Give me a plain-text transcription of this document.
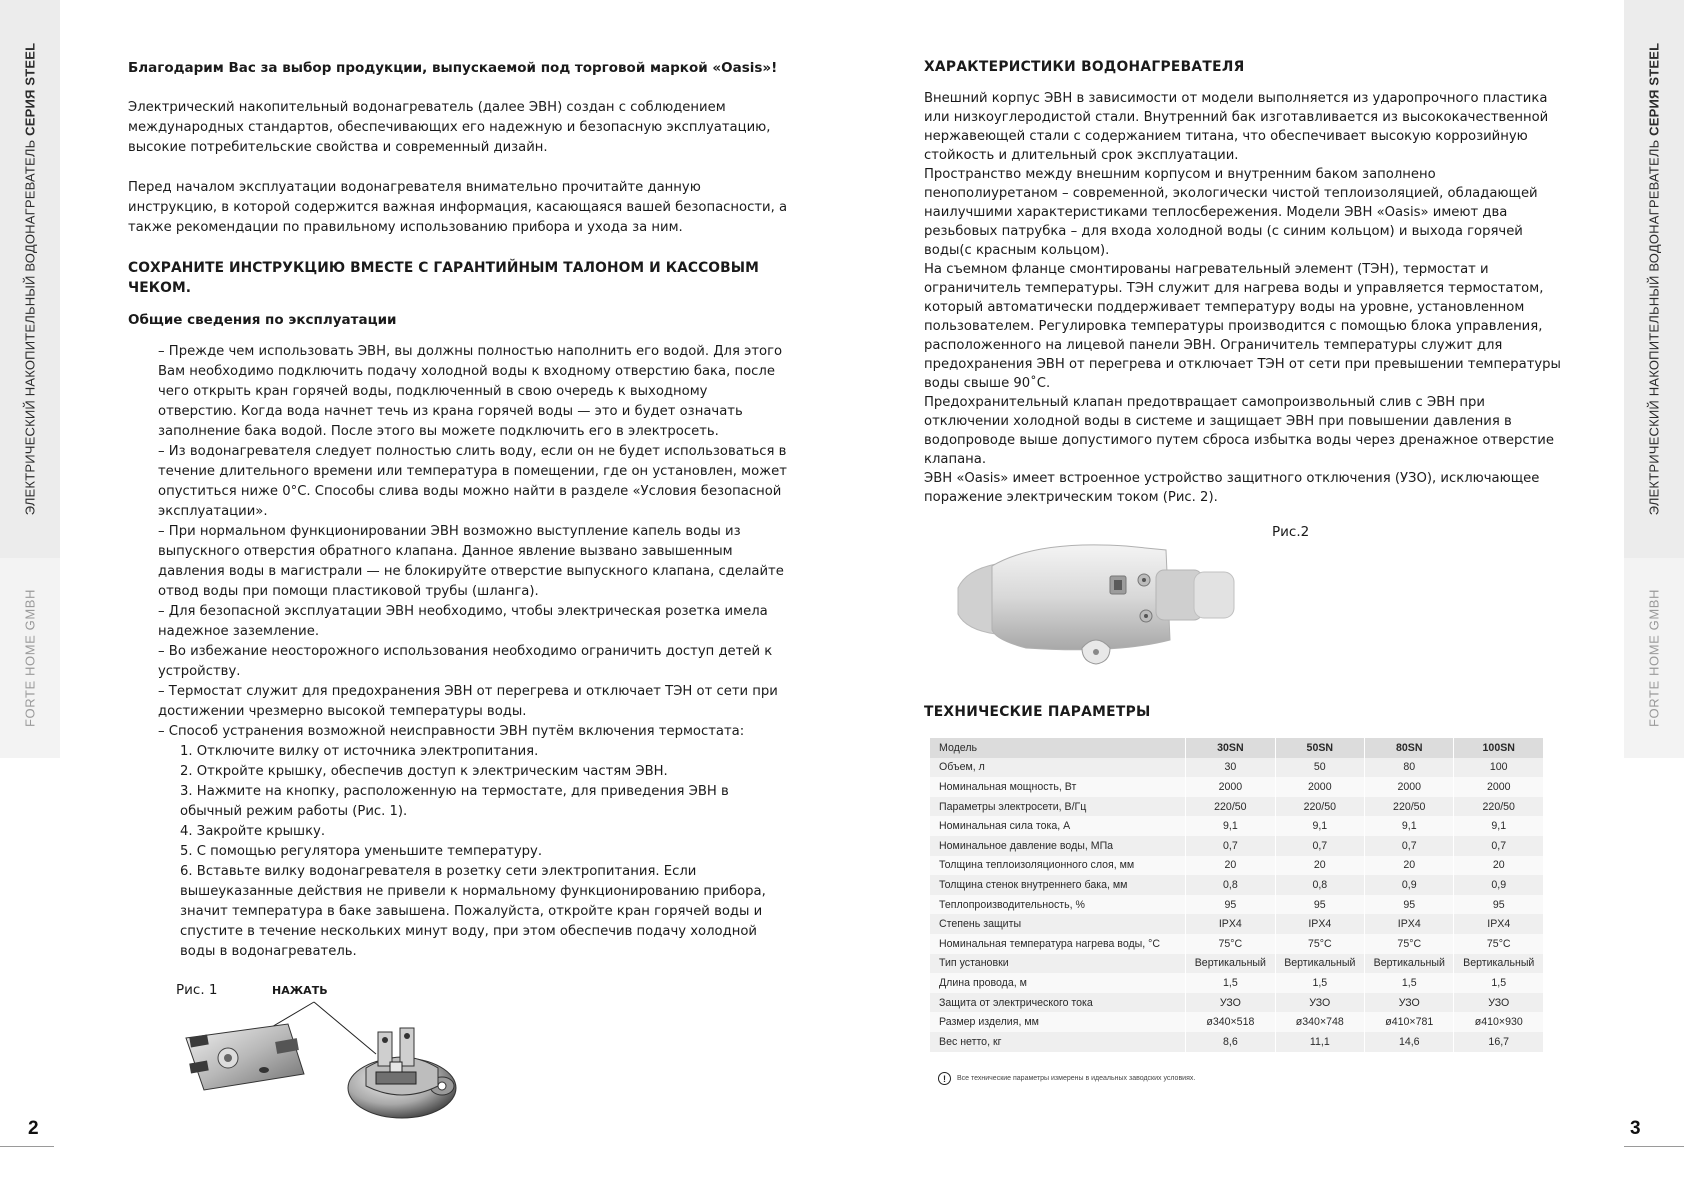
ЭЛЕКТРИЧЕСКИЙ НАКОПИТЕЛЬНЫЙ ВОДОНАГРЕВАТЕЛЬ СЕРИЯ STEEL
FORTE HOME GMBH
ЭЛЕКТРИЧЕСКИЙ НАКОПИТЕЛЬНЫЙ ВОДОНАГРЕВАТЕЛЬ СЕРИЯ STEEL
FORTE HOME GMBH
2	3
Благодарим Вас за выбор продукции, выпускаемой под торговой маркой «Oasis»!

Электрический накопительный водонагреватель (далее ЭВН) создан с соблюдением международных стандартов, обеспечивающих его надежную и безопасную эксплуатацию, высокие потребительские свойства и современный дизайн.

Перед началом эксплуатации водонагревателя внимательно прочитайте данную инструкцию, в которой содержится важная информация, касающаяся вашей безопасности, а также рекомендации по правильному использованию прибора и ухода за ним.

СОХРАНИТЕ ИНСТРУКЦИЮ ВМЕСТЕ С ГАРАНТИЙНЫМ ТАЛОНОМ И КАССОВЫМ ЧЕКОМ.
Общие сведения по эксплуатации

– Прежде чем использовать ЭВН, вы должны полностью наполнить его водой. Для этого Вам необходимо подключить подачу холодной воды к входному отверстию бака, после чего открыть кран горячей воды, подключенный в свою очередь к выходному отверстию. Когда вода начнет течь из крана горячей воды — это и будет означать заполнение бака водой. После этого вы можете подключить его в электросеть.

– Из водонагревателя следует полностью слить воду, если он не будет использоваться в течение длительного времени или температура в помещении, где он установлен, может опуститься ниже 0°С. Способы слива воды можно найти в разделе «Условия безопасной эксплуатации».

– При нормальном функционировании ЭВН возможно выступление капель воды из выпускного отверстия обратного клапана. Данное явление вызвано завышенным давления воды в магистрали — не блокируйте отверстие выпускного клапана, сделайте отвод воды при помощи пластиковой трубы (шланга).

– Для безопасной эксплуатации ЭВН необходимо, чтобы электрическая розетка имела надежное заземление.

– Во избежание неосторожного использования необходимо ограничить доступ детей к устройству.

– Термостат служит для предохранения ЭВН от перегрева и отключает ТЭН от сети при достижении чрезмерно высокой температуры воды.

– Способ устранения возможной неисправности ЭВН путём включения термостата:

1. Отключите вилку от источника электропитания.

2. Откройте крышку, обеспечив доступ к электрическим частям ЭВН.

3. Нажмите на кнопку, расположенную на термостате, для приведения ЭВН в обычный режим работы (Рис. 1).

4. Закройте крышку.

5. С помощью регулятора уменьшите температуру.

6. Вставьте вилку водонагревателя в розетку сети электропитания. Если вышеуказанные действия не привели к нормальному функционированию прибора, значит температура в баке завышена. Пожалуйста, откройте кран горячей воды и спустите в течение нескольких минут воду, при этом обеспечив подачу холодной воды в водонагреватель.

Рис. 1	НАЖАТЬ
ХАРАКТЕРИСТИКИ ВОДОНАГРЕВАТЕЛЯ

Внешний корпус ЭВН в зависимости от модели выполняется из ударопрочного пластика или низкоуглеродистой стали. Внутренний бак изготавливается из высококачественной нержавеющей стали с содержанием титана, что обеспечивает высокую коррозийную стойкость и длительный срок эксплуатации.

Пространство между внешним корпусом и внутренним баком заполнено пенополиуретаном – современной, экологически чистой теплоизоляцией, обладающей наилучшими характеристиками теплосбережения. Модели ЭВН «Oasis» имеют два резьбовых патрубка – для входа холодной воды (с синим кольцом) и выхода горячей воды(с красным кольцом).

На съемном фланце смонтированы нагревательный элемент (ТЭН), термостат и ограничитель температуры. ТЭН служит для нагрева воды и управляется термостатом, который автоматически поддерживает температуру воды на уровне, установленном пользователем. Регулировка температуры производится с помощью блока управления, расположенного на лицевой панели ЭВН. Ограничитель температуры служит для предохранения ЭВН от перегрева и отключает ТЭН от сети при превышении температуры воды свыше 90˚С.

Предохранительный клапан предотвращает самопроизвольный слив с ЭВН при отключении холодной воды в системе и защищает ЭВН при повышении давления в водопроводе выше допустимого путем сброса избытка воды через дренажное отверстие клапана.

ЭВН «Oasis» имеет встроенное устройство защитного отключения (УЗО), исключающее поражение электрическим током (Рис. 2).

Рис.2
ТЕХНИЧЕСКИЕ ПАРАМЕТРЫ
Модель	30SN	50SN	80SN	100SN
Объем, л	30	50	80	100
Номинальная мощность, Вт	2000	2000	2000	2000
Параметры электросети, В/Гц	220/50	220/50	220/50	220/50
Номинальная сила тока, А	9,1	9,1	9,1	9,1
Номинальное давление воды, МПа	0,7	0,7	0,7	0,7
Толщина теплоизоляционного слоя, мм	20	20	20	20
Толщина стенок внутреннего бака, мм	0,8	0,8	0,9	0,9
Теплопроизводительность, %	95	95	95	95
Степень защиты	IPX4	IPX4	IPX4	IPX4
Номинальная температура нагрева воды, °С	75°С	75°С	75°С	75°С
Тип установки	Вертикальный	Вертикальный	Вертикальный	Вертикальный
Длина провода, м	1,5	1,5	1,5	1,5
Защита от электрического тока	УЗО	УЗО	УЗО	УЗО
Размер изделия, мм	ø340×518	ø340×748	ø410×781	ø410×930
Вес нетто, кг	8,6	11,1	14,6	16,7
!	Все технические параметры измерены в идеальных заводских условиях.
